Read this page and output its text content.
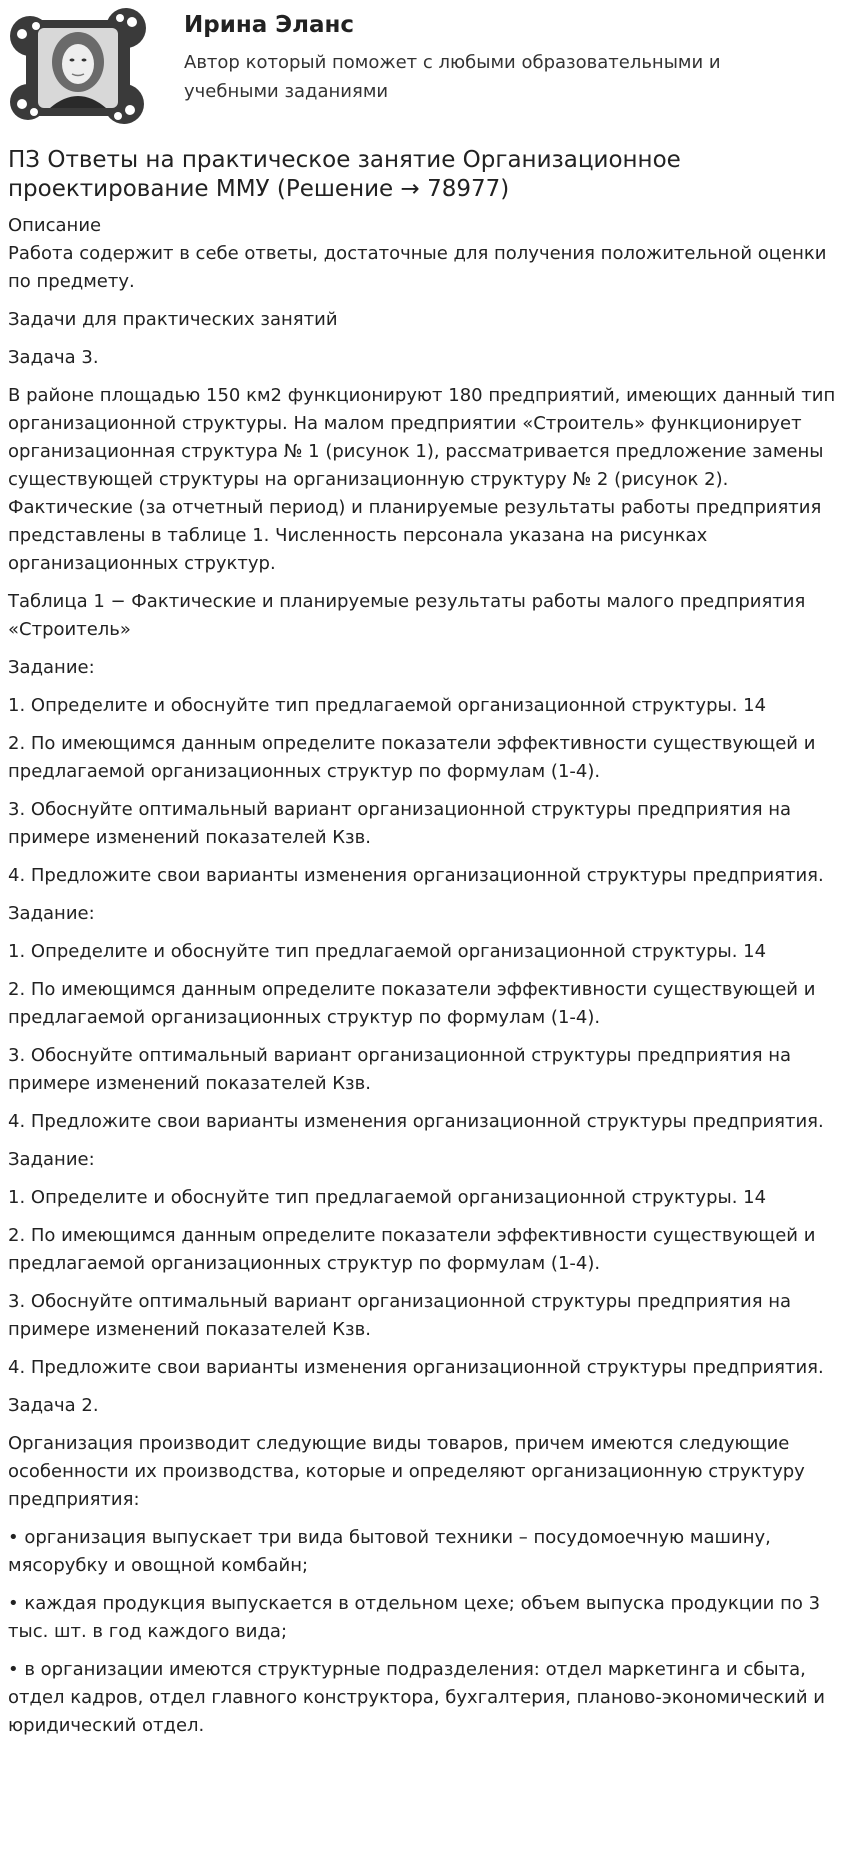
Ирина Эланс
Автор который поможет с любыми образовательными и учебными заданиями
ПЗ Ответы на практическое занятие Организационное проектирование ММУ (Решение → 78977)
Описание

Работа содержит в себе ответы, достаточные для получения положительной оценки по предмету.

Задачи для практических занятий

Задача 3.

В районе площадью 150 км2 функционируют 180 предприятий, имеющих данный тип организационной структуры. На малом предприятии «Строитель» функционирует организационная структура № 1 (рисунок 1), рассматривается предложение замены существующей структуры на организационную структуру № 2 (рисунок 2). Фактические (за отчетный период) и планируемые результаты работы предприятия представлены в таблице 1. Численность персонала указана на рисунках организационных структур.

Таблица 1 − Фактические и планируемые результаты работы малого предприятия «Строитель»

Задание:

1. Определите и обоснуйте тип предлагаемой организационной структуры. 14

2. По имеющимся данным определите показатели эффективности существующей и предлагаемой организационных структур по формулам (1-4).

3. Обоснуйте оптимальный вариант организационной структуры предприятия на примере изменений показателей Кзв.

4. Предложите свои варианты изменения организационной структуры предприятия.

Задание:

1. Определите и обоснуйте тип предлагаемой организационной структуры. 14

2. По имеющимся данным определите показатели эффективности существующей и предлагаемой организационных структур по формулам (1-4).

3. Обоснуйте оптимальный вариант организационной структуры предприятия на примере изменений показателей Кзв.

4. Предложите свои варианты изменения организационной структуры предприятия.

Задание:

1. Определите и обоснуйте тип предлагаемой организационной структуры. 14

2. По имеющимся данным определите показатели эффективности существующей и предлагаемой организационных структур по формулам (1-4).

3. Обоснуйте оптимальный вариант организационной структуры предприятия на примере изменений показателей Кзв.

4. Предложите свои варианты изменения организационной структуры предприятия.

Задача 2.

Организация производит следующие виды товаров, причем имеются следующие особенности их производства, которые и определяют организационную структуру предприятия:

• организация выпускает три вида бытовой техники – посудомоечную машину, мясорубку и овощной комбайн;

• каждая продукция выпускается в отдельном цехе; объем выпуска продукции по 3 тыс. шт. в год каждого вида;

• в организации имеются структурные подразделения: отдел маркетинга и сбыта, отдел кадров, отдел главного конструктора, бухгалтерия, планово-экономический и юридический отдел.
